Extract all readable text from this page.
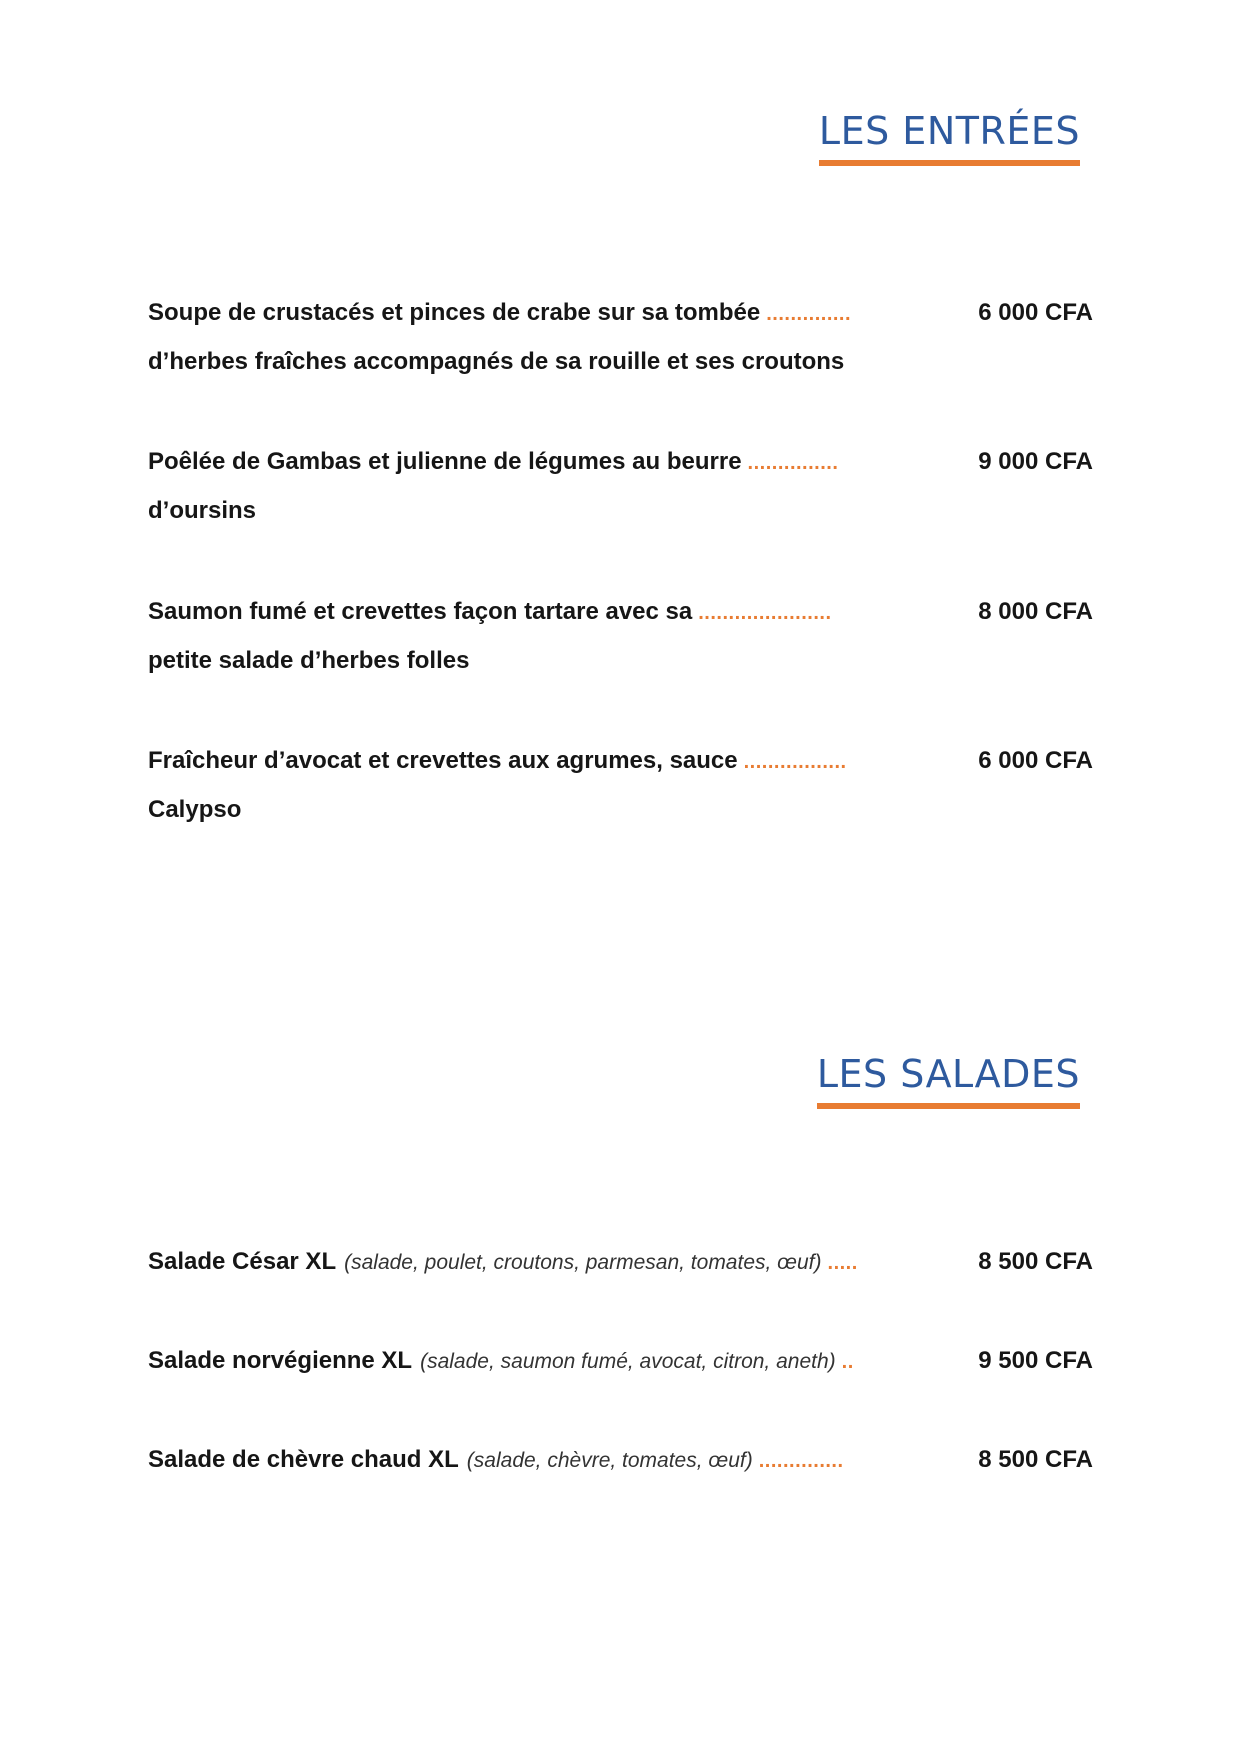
LES ENTRÉES
Soupe de crustacés et pinces de crabe sur sa tombée ..............	6 000 CFA
d’herbes fraîches accompagnés de sa rouille et ses croutons
Poêlée de Gambas et julienne de légumes au beurre ...............	9 000 CFA
d’oursins
Saumon fumé et crevettes façon tartare avec sa ......................	8 000 CFA
petite salade d’herbes folles
Fraîcheur d’avocat et crevettes aux agrumes, sauce .................	6 000 CFA
Calypso
LES SALADES
Salade César XL (salade, poulet, croutons, parmesan, tomates, œuf) .....	8 500 CFA
Salade norvégienne XL (salade, saumon fumé, avocat, citron, aneth) ..	9 500 CFA
Salade de chèvre chaud XL (salade, chèvre, tomates, œuf) ..............	8 500 CFA
